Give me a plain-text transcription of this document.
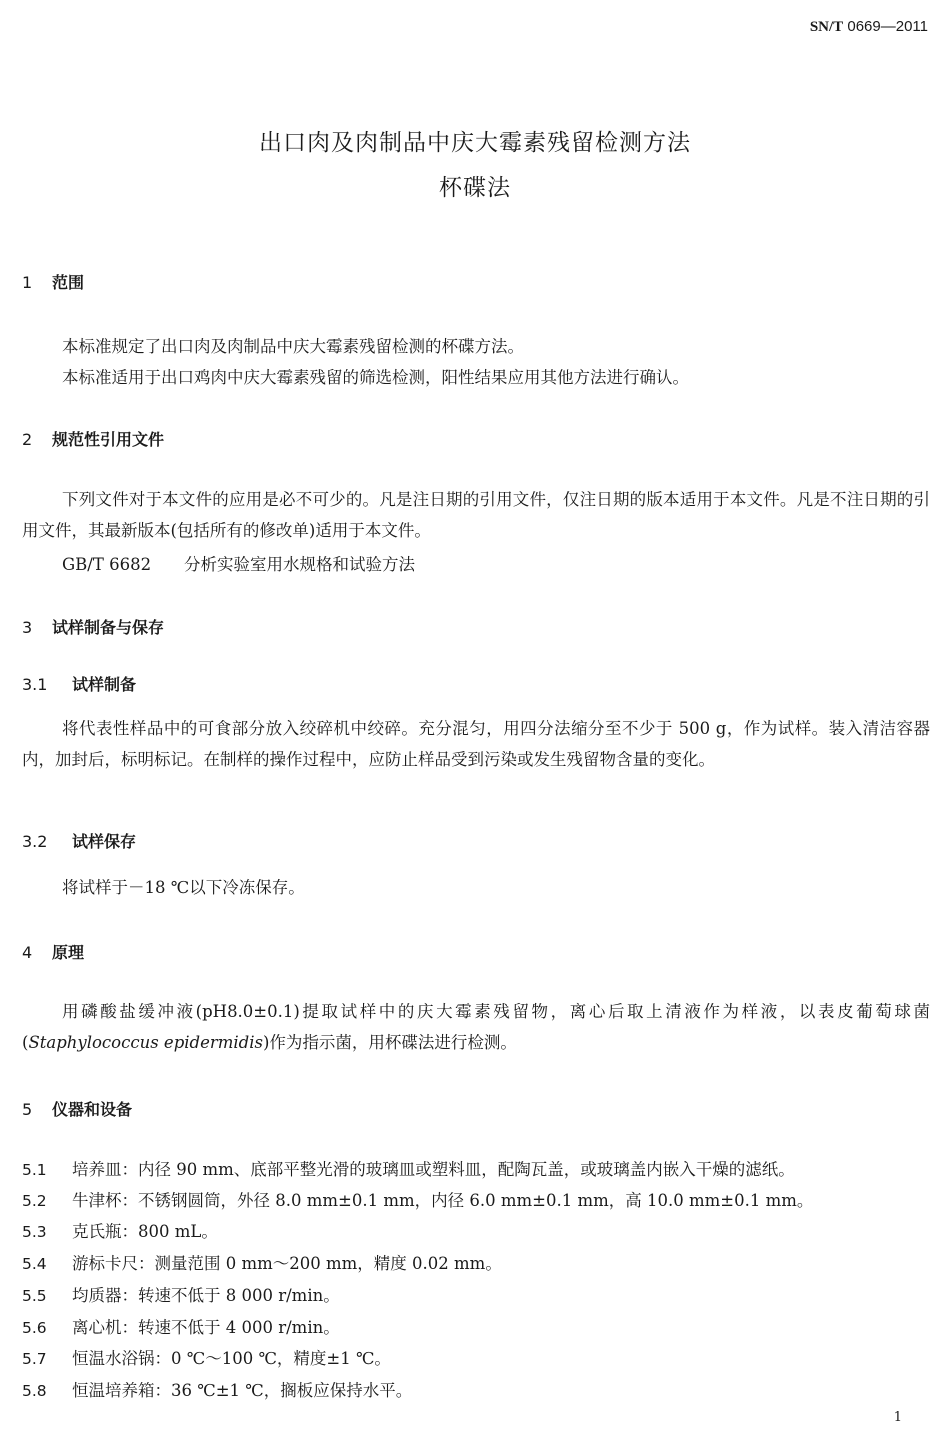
SN/T 0669—2011
出口肉及肉制品中庆大霉素残留检测方法
杯碟法
1 范围
本标准规定了出口肉及肉制品中庆大霉素残留检测的杯碟方法。
本标准适用于出口鸡肉中庆大霉素残留的筛选检测，阳性结果应用其他方法进行确认。
2 规范性引用文件
下列文件对于本文件的应用是必不可少的。凡是注日期的引用文件，仅注日期的版本适用于本文件。凡是不注日期的引用文件，其最新版本(包括所有的修改单)适用于本文件。
GB/T 6682 分析实验室用水规格和试验方法
3 试样制备与保存
3.1 试样制备
将代表性样品中的可食部分放入绞碎机中绞碎。充分混匀，用四分法缩分至不少于 500 g，作为试样。装入清洁容器内，加封后，标明标记。在制样的操作过程中，应防止样品受到污染或发生残留物含量的变化。
3.2 试样保存
将试样于－18 ℃以下冷冻保存。
4 原理
用磷酸盐缓冲液(pH8.0±0.1)提取试样中的庆大霉素残留物，离心后取上清液作为样液，以表皮葡萄球菌(Staphylococcus epidermidis)作为指示菌，用杯碟法进行检测。
5 仪器和设备
5.1 培养皿：内径 90 mm、底部平整光滑的玻璃皿或塑料皿，配陶瓦盖，或玻璃盖内嵌入干燥的滤纸。
5.2 牛津杯：不锈钢圆筒，外径 8.0 mm±0.1 mm，内径 6.0 mm±0.1 mm，高 10.0 mm±0.1 mm。
5.3 克氏瓶：800 mL。
5.4 游标卡尺：测量范围 0 mm～200 mm，精度 0.02 mm。
5.5 均质器：转速不低于 8 000 r/min。
5.6 离心机：转速不低于 4 000 r/min。
5.7 恒温水浴锅：0 ℃～100 ℃，精度±1 ℃。
5.8 恒温培养箱：36 ℃±1 ℃，搁板应保持水平。
1
